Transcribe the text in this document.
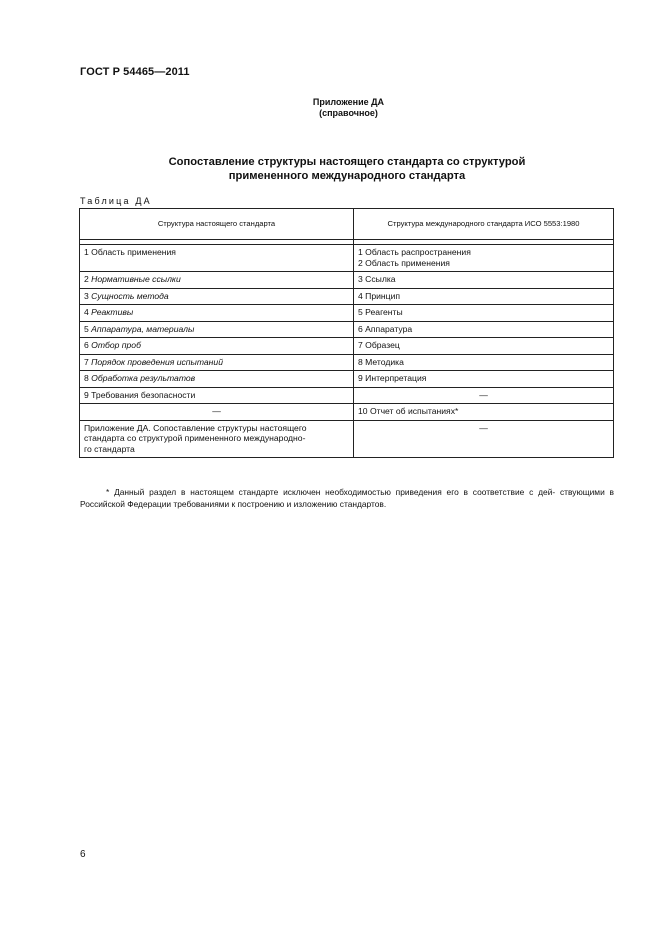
ГОСТ Р 54465—2011
Приложение ДА
(справочное)
Сопоставление структуры настоящего стандарта со структурой
примененного международного стандарта
Таблица ДА
Структура настоящего стандарта	Структура международного стандарта ИСО 5553:1980

1 Область применения	1 Область распространения
2 Область применения

2 Нормативные ссылки	3 Ссылка
3 Сущность метода	4 Принцип
4 Реактивы	5 Реагенты
5 Аппаратура, материалы	6 Аппаратура
6 Отбор проб	7 Образец
7 Порядок проведения испытаний	8 Методика
8 Обработка результатов	9 Интерпретация
9 Требования безопасности	—
—	10 Отчет об испытаниях*

Приложение ДА. Сопоставление структуры настоящего
стандарта со структурой примененного международно-
го стандарта	—
* Данный раздел в настоящем стандарте исключен необходимостью приведения его в соответствие с дей- ствующими в Российской Федерации требованиями к построению и изложению стандартов.
6
